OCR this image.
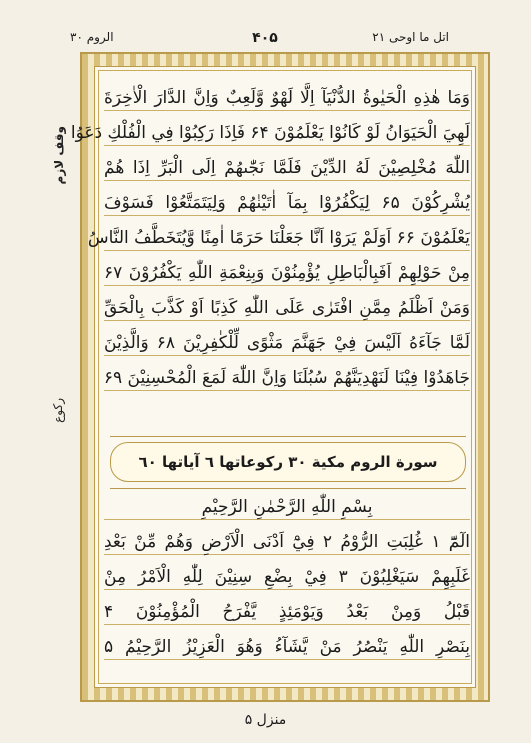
الروم ۳۰	۴۰۵	اتل ما اوحی ۲۱
وقف لازم
ركوع
وَمَا هٰذِهِ الْحَيٰوةُ الدُّنْيَآ اِلَّا لَهْوٌ وَّلَعِبٌ وَاِنَّ الدَّارَ الْاٰخِرَةَ
لَهِيَ الْحَيَوَانُ لَوْ كَانُوْا يَعْلَمُوْنَ ۶۴ فَاِذَا رَكِبُوْا فِي الْفُلْكِ دَعَوُا
اللّٰهَ مُخْلِصِيْنَ لَهُ الدِّيْنَ فَلَمَّا نَجّٰىهُمْ اِلَى الْبَرِّ اِذَا هُمْ
يُشْرِكُوْنَ ۶۵ لِيَكْفُرُوْا بِمَآ اٰتَيْنٰهُمْ وَلِيَتَمَتَّعُوْا فَسَوْفَ
يَعْلَمُوْنَ ۶۶ اَوَلَمْ يَرَوْا اَنَّا جَعَلْنَا حَرَمًا اٰمِنًا وَّيُتَخَطَّفُ النَّاسُ
مِنْ حَوْلِهِمْ اَفَبِالْبَاطِلِ يُؤْمِنُوْنَ وَبِنِعْمَةِ اللّٰهِ يَكْفُرُوْنَ ۶۷
وَمَنْ اَظْلَمُ مِمَّنِ افْتَرٰى عَلَى اللّٰهِ كَذِبًا اَوْ كَذَّبَ بِالْحَقِّ
لَمَّا جَآءَهُ اَلَيْسَ فِيْ جَهَنَّمَ مَثْوًى لِّلْكٰفِرِيْنَ ۶۸ وَالَّذِيْنَ
جَاهَدُوْا فِيْنَا لَنَهْدِيَنَّهُمْ سُبُلَنَا وَاِنَّ اللّٰهَ لَمَعَ الْمُحْسِنِيْنَ ۶۹
سورة الروم مكية ٣٠ ركوعاتها ٦ آياتها ٦٠
بِسْمِ اللّٰهِ الرَّحْمٰنِ الرَّحِيْمِ
الٓمّٓ ۱ غُلِبَتِ الرُّوْمُ ۲ فِيْٓ اَدْنَى الْاَرْضِ وَهُمْ مِّنْ بَعْدِ
غَلَبِهِمْ سَيَغْلِبُوْنَ ۳ فِيْ بِضْعِ سِنِيْنَ لِلّٰهِ الْاَمْرُ مِنْ
قَبْلُ وَمِنْ بَعْدُ وَيَوْمَئِذٍ يَّفْرَحُ الْمُؤْمِنُوْنَ ۴
بِنَصْرِ اللّٰهِ يَنْصُرُ مَنْ يَّشَآءُ وَهُوَ الْعَزِيْزُ الرَّحِيْمُ ۵
منزل ۵
